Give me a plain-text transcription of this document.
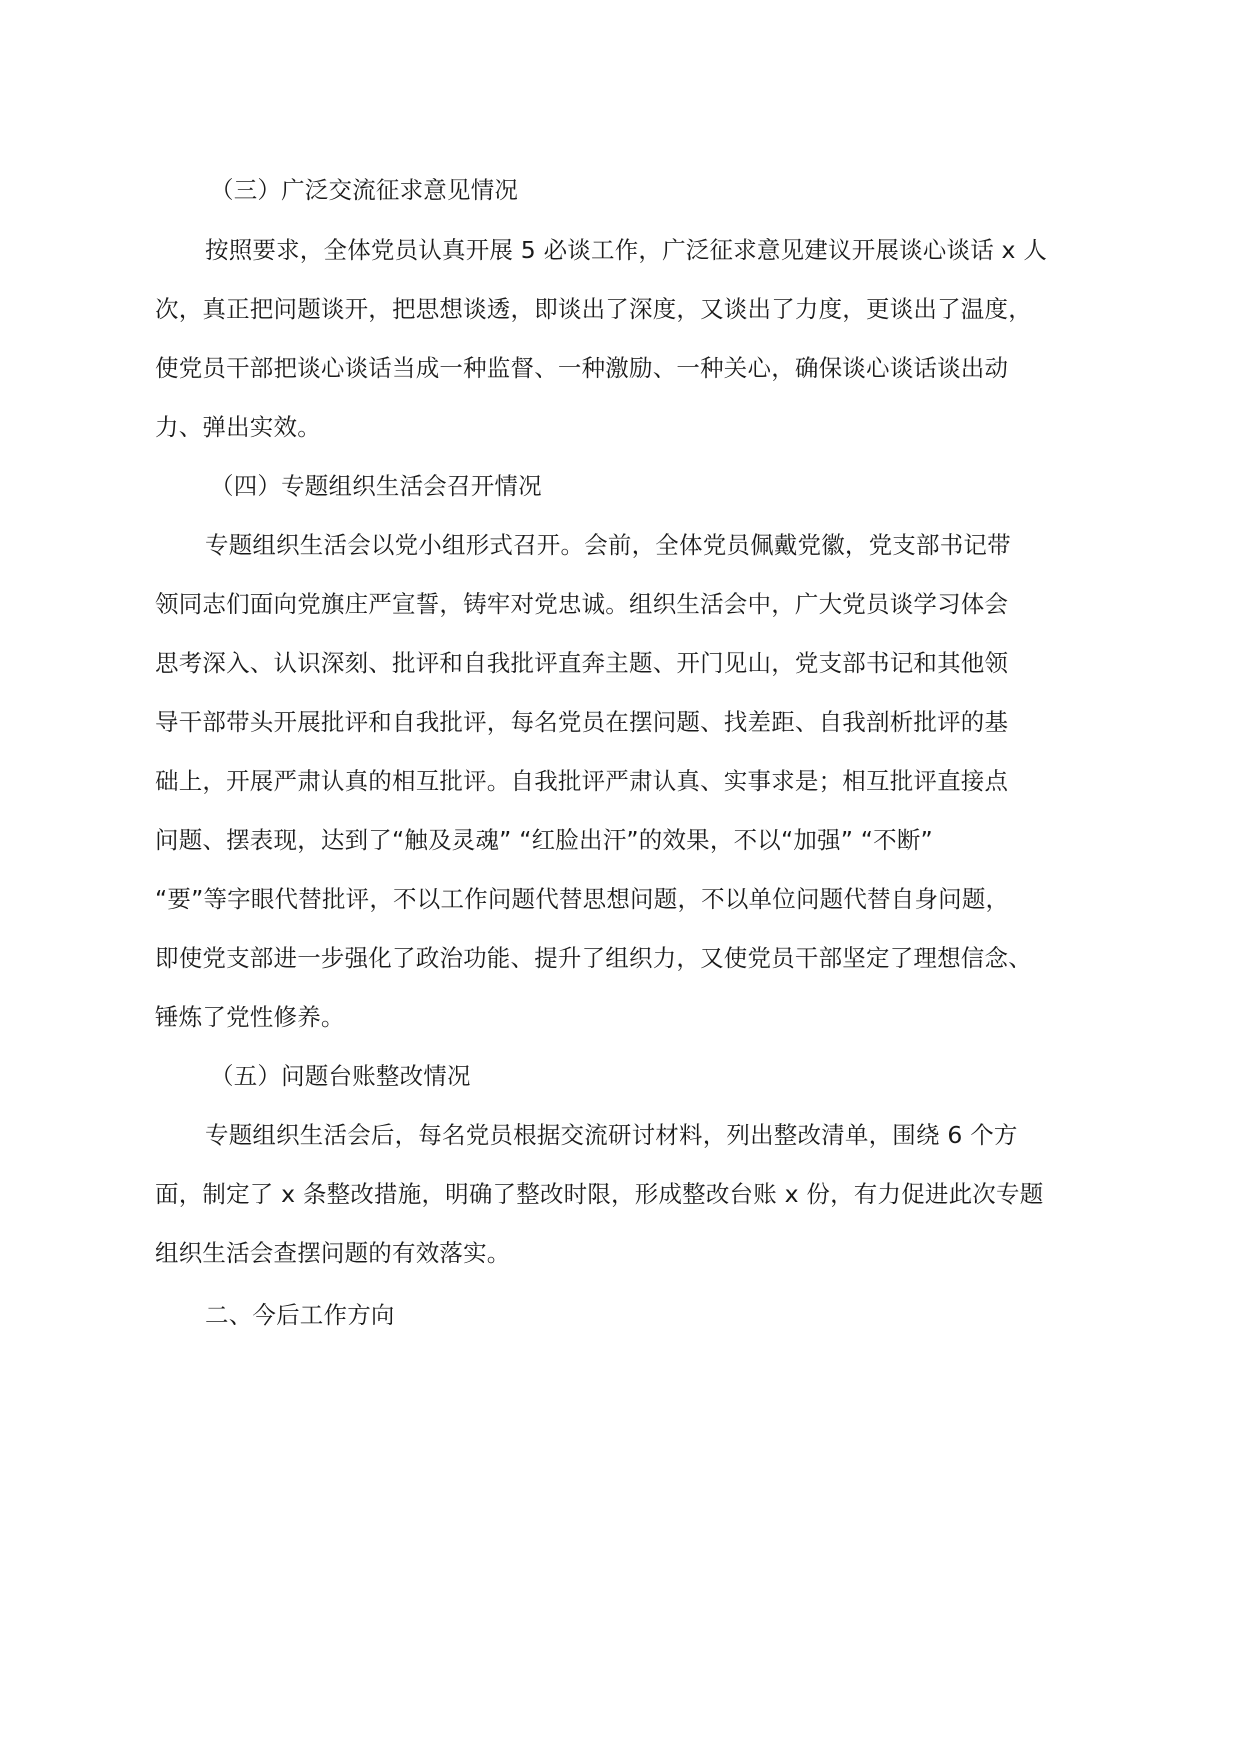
（三）广泛交流征求意见情况
按照要求，全体党员认真开展 5 必谈工作，广泛征求意见建议开展谈心谈话 x 人
次，真正把问题谈开，把思想谈透，即谈出了深度，又谈出了力度，更谈出了温度，
使党员干部把谈心谈话当成一种监督、一种激励、一种关心，确保谈心谈话谈出动
力、弹出实效。
（四）专题组织生活会召开情况
专题组织生活会以党小组形式召开。会前，全体党员佩戴党徽，党支部书记带
领同志们面向党旗庄严宣誓，铸牢对党忠诚。组织生活会中，广大党员谈学习体会
思考深入、认识深刻、批评和自我批评直奔主题、开门见山，党支部书记和其他领
导干部带头开展批评和自我批评，每名党员在摆问题、找差距、自我剖析批评的基
础上，开展严肃认真的相互批评。自我批评严肃认真、实事求是；相互批评直接点
问题、摆表现，达到了“触及灵魂” “红脸出汗”的效果，不以“加强” “不断”
“要”等字眼代替批评，不以工作问题代替思想问题，不以单位问题代替自身问题，
即使党支部进一步强化了政治功能、提升了组织力，又使党员干部坚定了理想信念、
锤炼了党性修养。
（五）问题台账整改情况
专题组织生活会后，每名党员根据交流研讨材料，列出整改清单，围绕 6 个方
面，制定了 x 条整改措施，明确了整改时限，形成整改台账 x 份，有力促进此次专题
组织生活会查摆问题的有效落实。
二、今后工作方向
